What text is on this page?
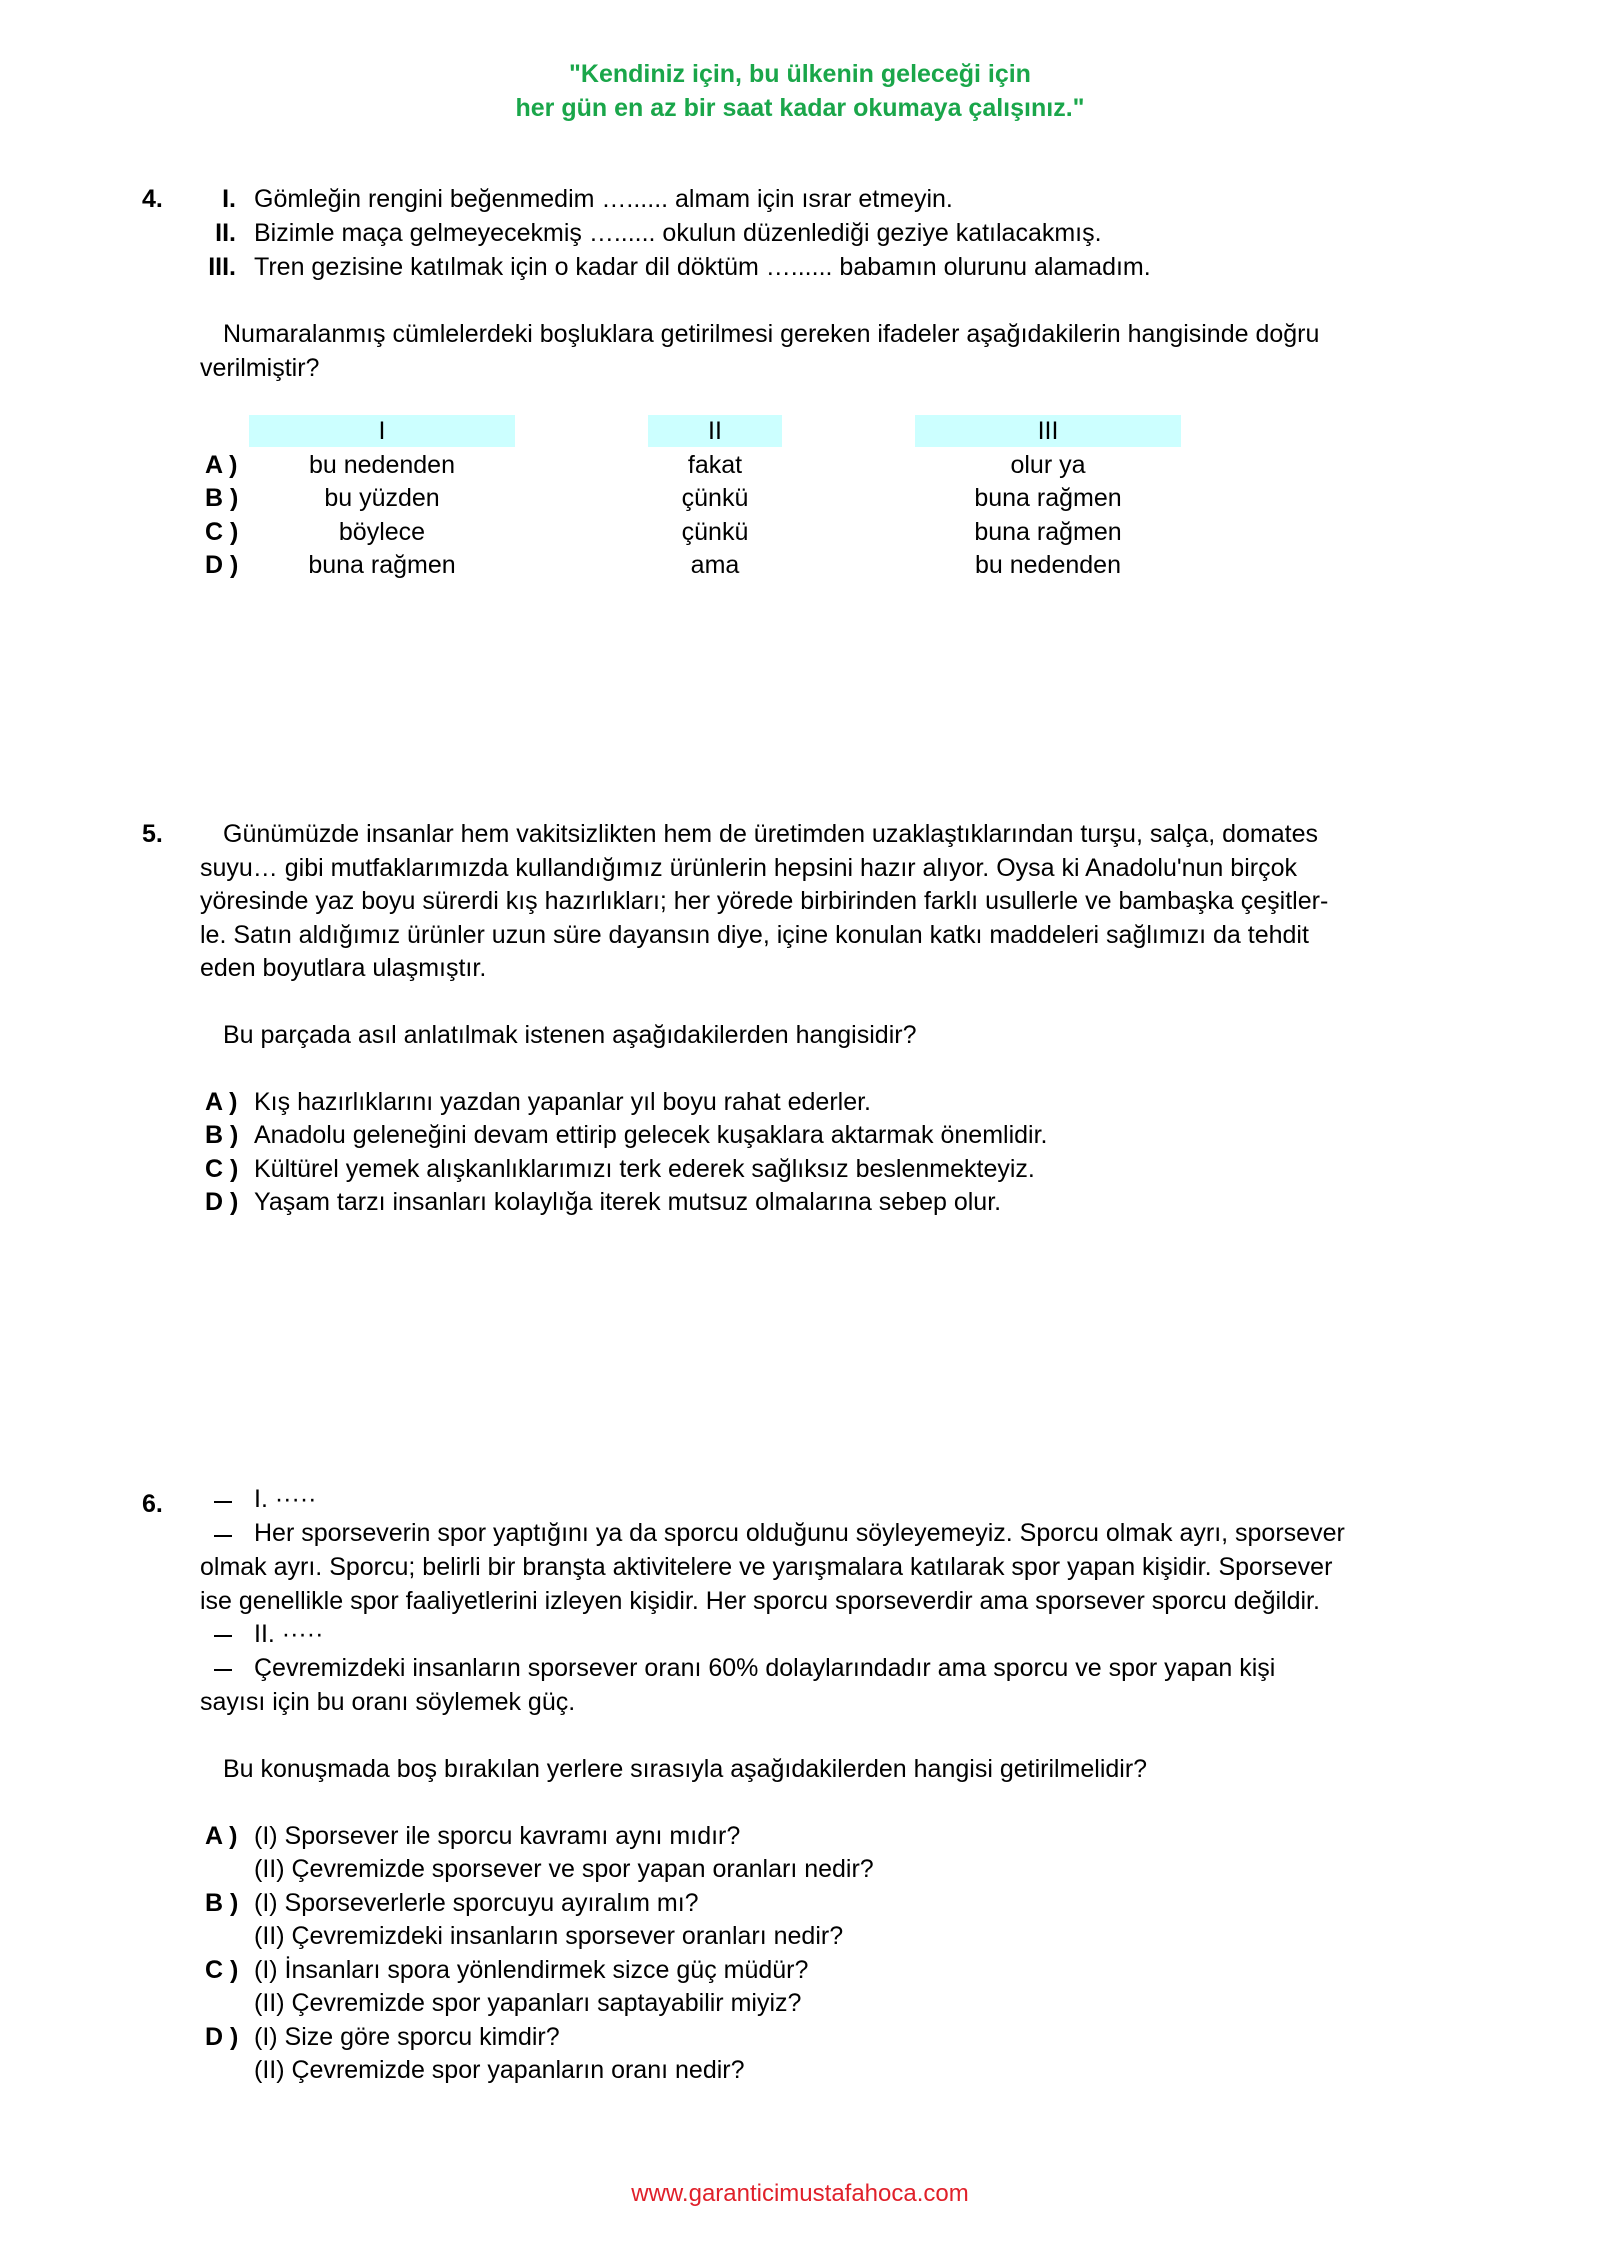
"Kendiniz için, bu ülkenin geleceği için
her gün en az bir saat kadar okumaya çalışınız."
4.	I. Gömleğin rengini beğenmedim …...... almam için ısrar etmeyin.
II. Bizimle maça gelmeyecekmiş …...... okulun düzenlediği geziye katılacakmış.
III. Tren gezisine katılmak için o kadar dil döktüm …...... babamın olurunu alamadım.
Numaralanmış cümlelerdeki boşluklara getirilmesi gereken ifadeler aşağıdakilerin hangisinde doğru
verilmiştir?
I	II	III
A )	bu nedenden	fakat	olur ya
B )	bu yüzden	çünkü	buna rağmen
C )	böylece	çünkü	buna rağmen
D )	buna rağmen	ama	bu nedenden
5. Günümüzde insanlar hem vakitsizlikten hem de üretimden uzaklaştıklarından turşu, salça, domates
suyu… gibi mutfaklarımızda kullandığımız ürünlerin hepsini hazır alıyor. Oysa ki Anadolu'nun birçok
yöresinde yaz boyu sürerdi kış hazırlıkları; her yörede birbirinden farklı usullerle ve bambaşka çeşitler-
le. Satın aldığımız ürünler uzun süre dayansın diye, içine konulan katkı maddeleri sağlımızı da tehdit
eden boyutlara ulaşmıştır.
Bu parçada asıl anlatılmak istenen aşağıdakilerden hangisidir?
A ) Kış hazırlıklarını yazdan yapanlar yıl boyu rahat ederler.
B ) Anadolu geleneğini devam ettirip gelecek kuşaklara aktarmak önemlidir.
C ) Kültürel yemek alışkanlıklarımızı terk ederek sağlıksız beslenmekteyiz.
D ) Yaşam tarzı insanları kolaylığa iterek mutsuz olmalarına sebep olur.
6.	I. ·····
Her sporseverin spor yaptığını ya da sporcu olduğunu söyleyemeyiz. Sporcu olmak ayrı, sporsever
olmak ayrı. Sporcu; belirli bir branşta aktivitelere ve yarışmalara katılarak spor yapan kişidir. Sporsever
ise genellikle spor faaliyetlerini izleyen kişidir. Her sporcu sporseverdir ama sporsever sporcu değildir.
II. ·····
Çevremizdeki insanların sporsever oranı 60% dolaylarındadır ama sporcu ve spor yapan kişi
sayısı için bu oranı söylemek güç.
Bu konuşmada boş bırakılan yerlere sırasıyla aşağıdakilerden hangisi getirilmelidir?
A ) (I) Sporsever ile sporcu kavramı aynı mıdır?
(II) Çevremizde sporsever ve spor yapan oranları nedir?
B ) (I) Sporseverlerle sporcuyu ayıralım mı?
(II) Çevremizdeki insanların sporsever oranları nedir?
C ) (I) İnsanları spora yönlendirmek sizce güç müdür?
(II) Çevremizde spor yapanları saptayabilir miyiz?
D ) (I) Size göre sporcu kimdir?
(II) Çevremizde spor yapanların oranı nedir?
www.garanticimustafahoca.com
